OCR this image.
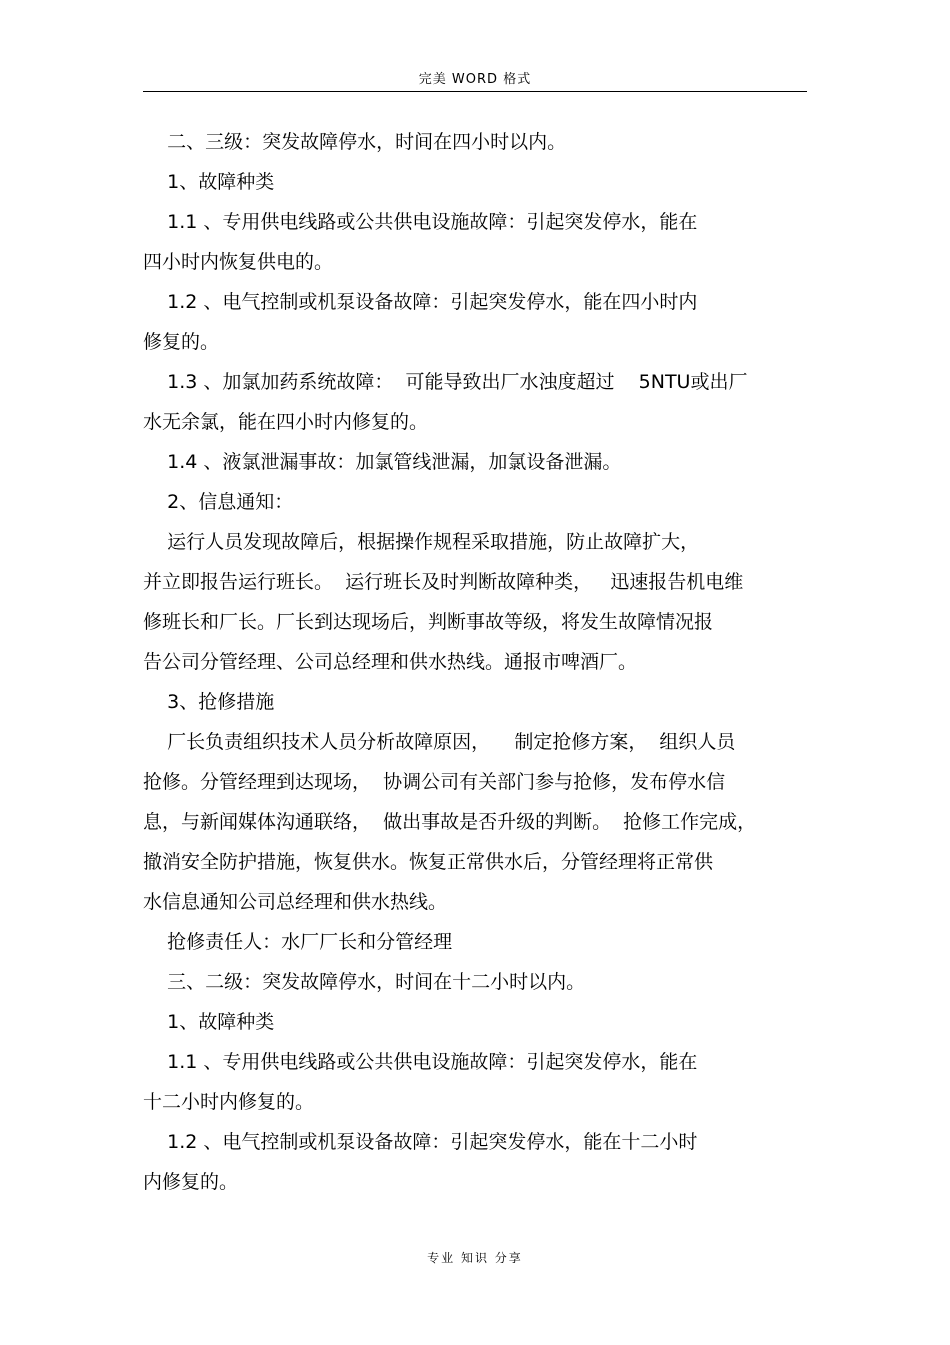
完美 WORD 格式
二、三级：突发故障停水，时间在四小时以内。
1、故障种类
1.1 、专用供电线路或公共供电设施故障：引起突发停水，能在
四小时内恢复供电的。
1.2 、电气控制或机泵设备故障：引起突发停水，能在四小时内
修复的。
1.3 、加氯加药系统故障：  可能导致出厂水浊度超过    5NTU或出厂
水无余氯，能在四小时内修复的。
1.4 、液氯泄漏事故：加氯管线泄漏，加氯设备泄漏。
2、信息通知：
运行人员发现故障后，根据操作规程采取措施，防止故障扩大，
并立即报告运行班长。  运行班长及时判断故障种类，   迅速报告机电维
修班长和厂长。厂长到达现场后，判断事故等级，将发生故障情况报
告公司分管经理、公司总经理和供水热线。通报市啤酒厂。
3、抢修措施
厂长负责组织技术人员分析故障原因，    制定抢修方案，  组织人员
抢修。分管经理到达现场，  协调公司有关部门参与抢修，发布停水信
息，与新闻媒体沟通联络，  做出事故是否升级的判断。  抢修工作完成，
撤消安全防护措施，恢复供水。恢复正常供水后，分管经理将正常供
水信息通知公司总经理和供水热线。
抢修责任人：水厂厂长和分管经理
三、二级：突发故障停水，时间在十二小时以内。
1、故障种类
1.1 、专用供电线路或公共供电设施故障：引起突发停水，能在
十二小时内修复的。
1.2 、电气控制或机泵设备故障：引起突发停水，能在十二小时
内修复的。
专业 知识 分享
